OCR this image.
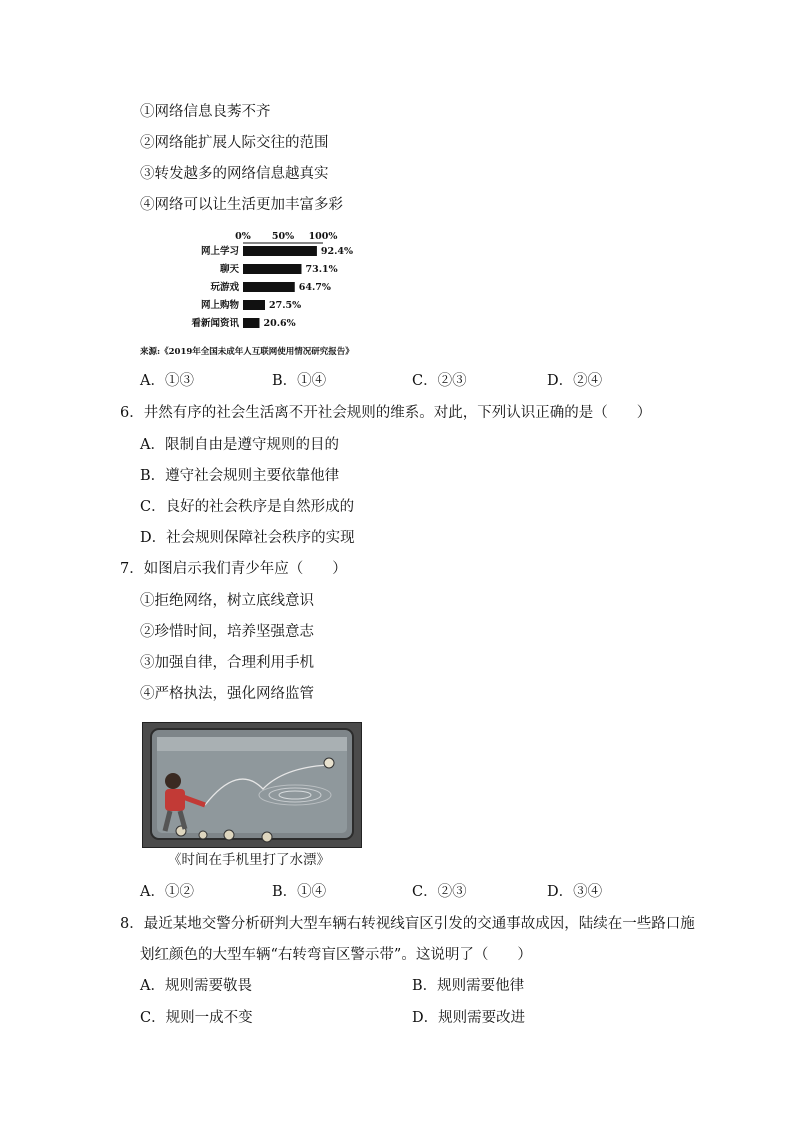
①网络信息良莠不齐
②网络能扩展人际交往的范围
③转发越多的网络信息越真实
④网络可以让生活更加丰富多彩
0% 50% 100%
网上学习	92.4%
聊天	73.1%
玩游戏	64.7%
网上购物	27.5%
看新闻资讯	20.6%
来源:《2019年全国未成年人互联网使用情况研究报告》
A．①③	B．①④	C．②③	D．②④
6．井然有序的社会生活离不开社会规则的维系。对此，下列认识正确的是（　　）
A．限制自由是遵守规则的目的
B．遵守社会规则主要依靠他律
C．良好的社会秩序是自然形成的
D．社会规则保障社会秩序的实现
7．如图启示我们青少年应（　　）
①拒绝网络，树立底线意识
②珍惜时间，培养坚强意志
③加强自律，合理利用手机
④严格执法，强化网络监管
《时间在手机里打了水漂》
A．①②	B．①④	C．②③	D．③④
8．最近某地交警分析研判大型车辆右转视线盲区引发的交通事故成因，陆续在一些路口施
划红颜色的大型车辆“右转弯盲区警示带”。这说明了（　　）
A．规则需要敬畏	B．规则需要他律
C．规则一成不变	D．规则需要改进
